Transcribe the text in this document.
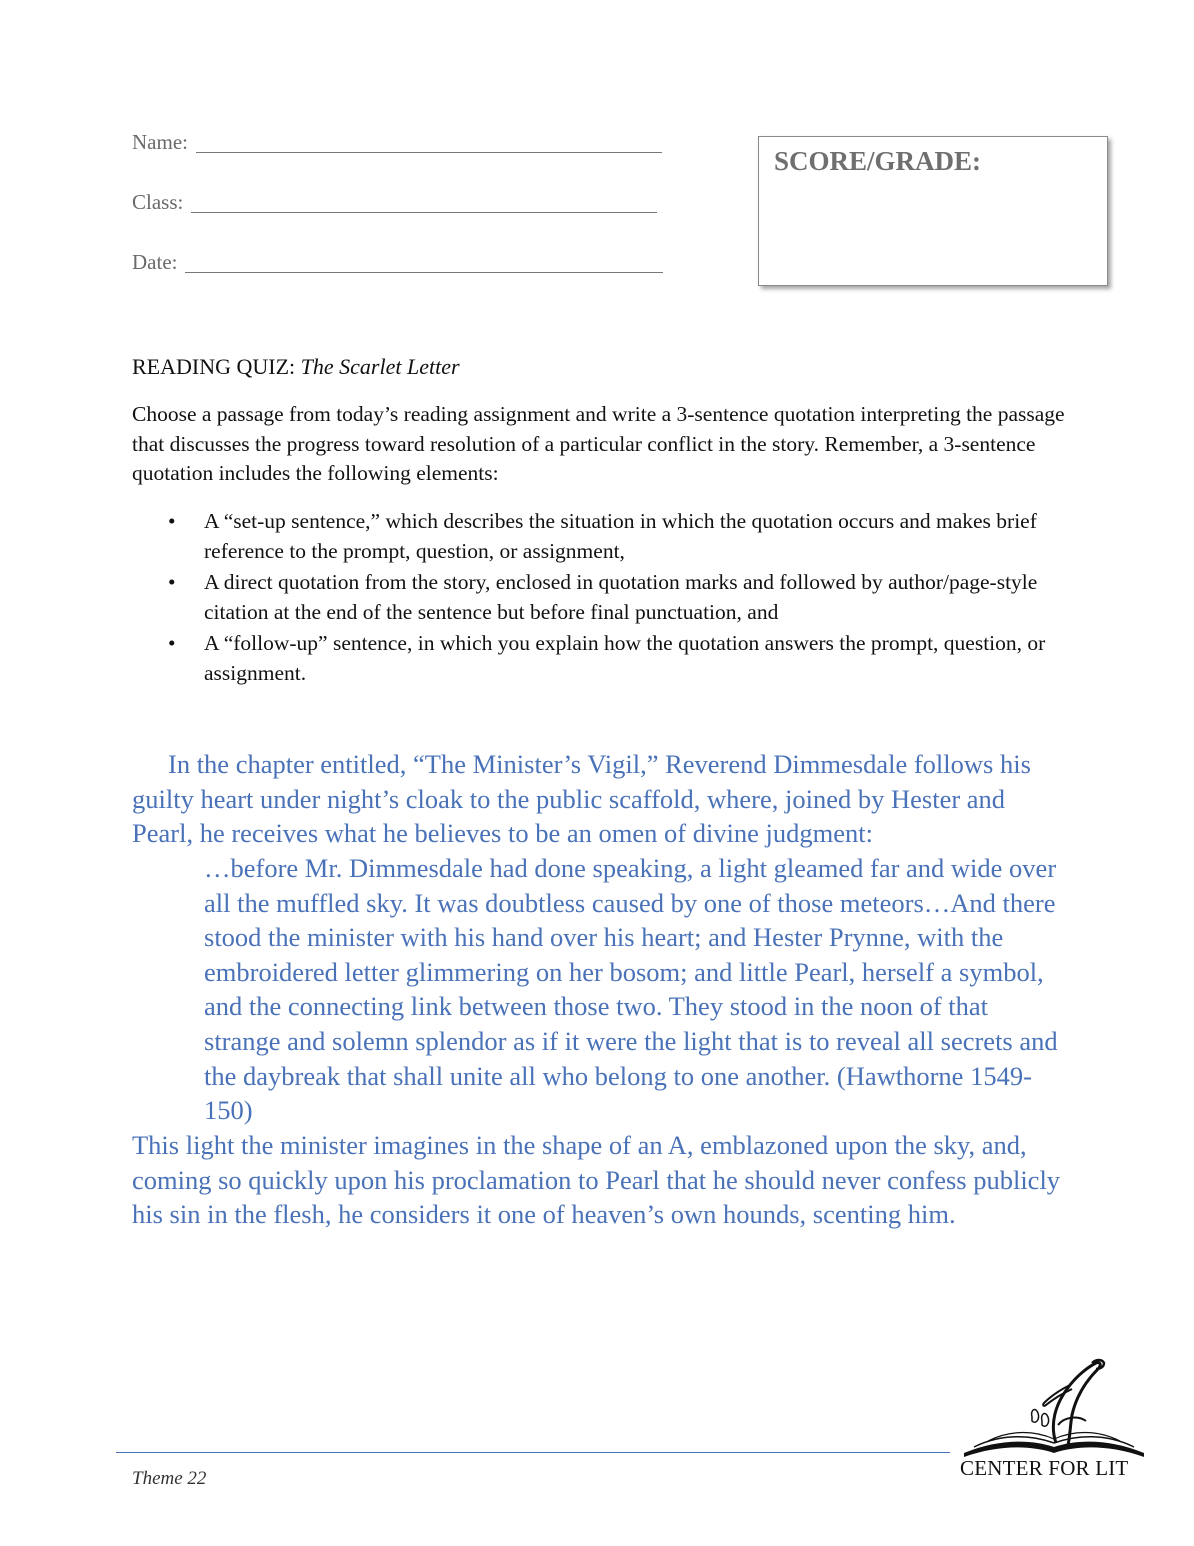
Name:
Class:
Date:
SCORE/GRADE:
READING QUIZ: The Scarlet Letter

Choose a passage from today’s reading assignment and write a 3-sentence quotation interpreting the passage that discusses the progress toward resolution of a particular conflict in the story. Remember, a 3-sentence quotation includes the following elements:

• A “set-up sentence,” which describes the situation in which the quotation occurs and makes brief reference to the prompt, question, or assignment,
• A direct quotation from the story, enclosed in quotation marks and followed by author/page-style citation at the end of the sentence but before final punctuation, and
• A “follow-up” sentence, in which you explain how the quotation answers the prompt, question, or assignment.

In the chapter entitled, “The Minister’s Vigil,” Reverend Dimmesdale follows his guilty heart under night’s cloak to the public scaffold, where, joined by Hester and Pearl, he receives what he believes to be an omen of divine judgment:

…before Mr. Dimmesdale had done speaking, a light gleamed far and wide over all the muffled sky. It was doubtless caused by one of those meteors…And there stood the minister with his hand over his heart; and Hester Prynne, with the embroidered letter glimmering on her bosom; and little Pearl, herself a symbol, and the connecting link between those two. They stood in the noon of that strange and solemn splendor as if it were the light that is to reveal all secrets and the daybreak that shall unite all who belong to one another. (Hawthorne 1549-150)

This light the minister imagines in the shape of an A, emblazoned upon the sky, and, coming so quickly upon his proclamation to Pearl that he should never confess publicly his sin in the flesh, he considers it one of heaven’s own hounds, scenting him.

Theme 22	CENTER FOR LIT
